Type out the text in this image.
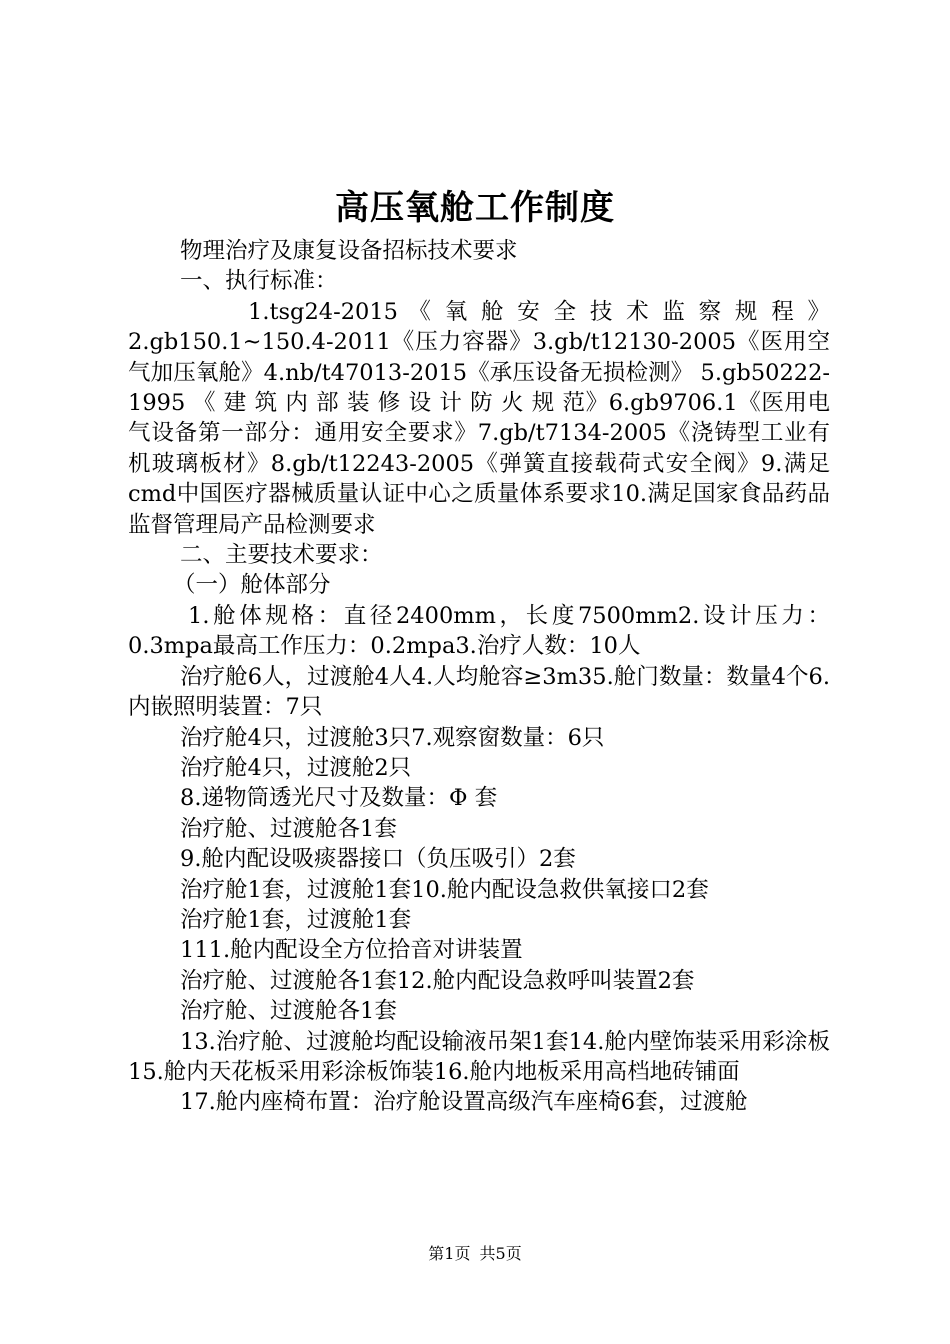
高压氧舱工作制度

物理治疗及康复设备招标技术要求

一、执行标准：

1.tsg24-2015 《 氧 舱 安 全 技 术 监 察 规 程 》2.gb150.1~150.4-2011《压力容器》3.gb/t12130-2005《医用空气加压氧舱》4.nb/t47013-2015《承压设备无损检测》 5.gb50222-1995 《 建 筑 内 部 装 修 设 计 防 火 规 范》6.gb9706.1《医用电气设备第一部分：通用安全要求》7.gb/t7134-2005《浇铸型工业有机玻璃板材》8.gb/t12243-2005《弹簧直接载荷式安全阀》9.满足cmd中国医疗器械质量认证中心之质量体系要求10.满足国家食品药品监督管理局产品检测要求

二、主要技术要求：

（一）舱体部分

1.舱体规格：直径2400mm，长度7500mm2.设计压力：0.3mpa最高工作压力：0.2mpa3.治疗人数：10人

治疗舱6人，过渡舱4人4.人均舱容≥3m35.舱门数量：数量4个6.内嵌照明装置：7只

治疗舱4只，过渡舱3只7.观察窗数量：6只

治疗舱4只，过渡舱2只

8.递物筒透光尺寸及数量：Φ 套

治疗舱、过渡舱各1套

9.舱内配设吸痰器接口（负压吸引）2套

治疗舱1套，过渡舱1套10.舱内配设急救供氧接口2套

治疗舱1套，过渡舱1套

111.舱内配设全方位拾音对讲装置

治疗舱、过渡舱各1套12.舱内配设急救呼叫装置2套

治疗舱、过渡舱各1套

13.治疗舱、过渡舱均配设输液吊架1套14.舱内壁饰装采用彩涂板15.舱内天花板采用彩涂板饰装16.舱内地板采用高档地砖铺面

17.舱内座椅布置：治疗舱设置高级汽车座椅6套，过渡舱

第1页 共5页
